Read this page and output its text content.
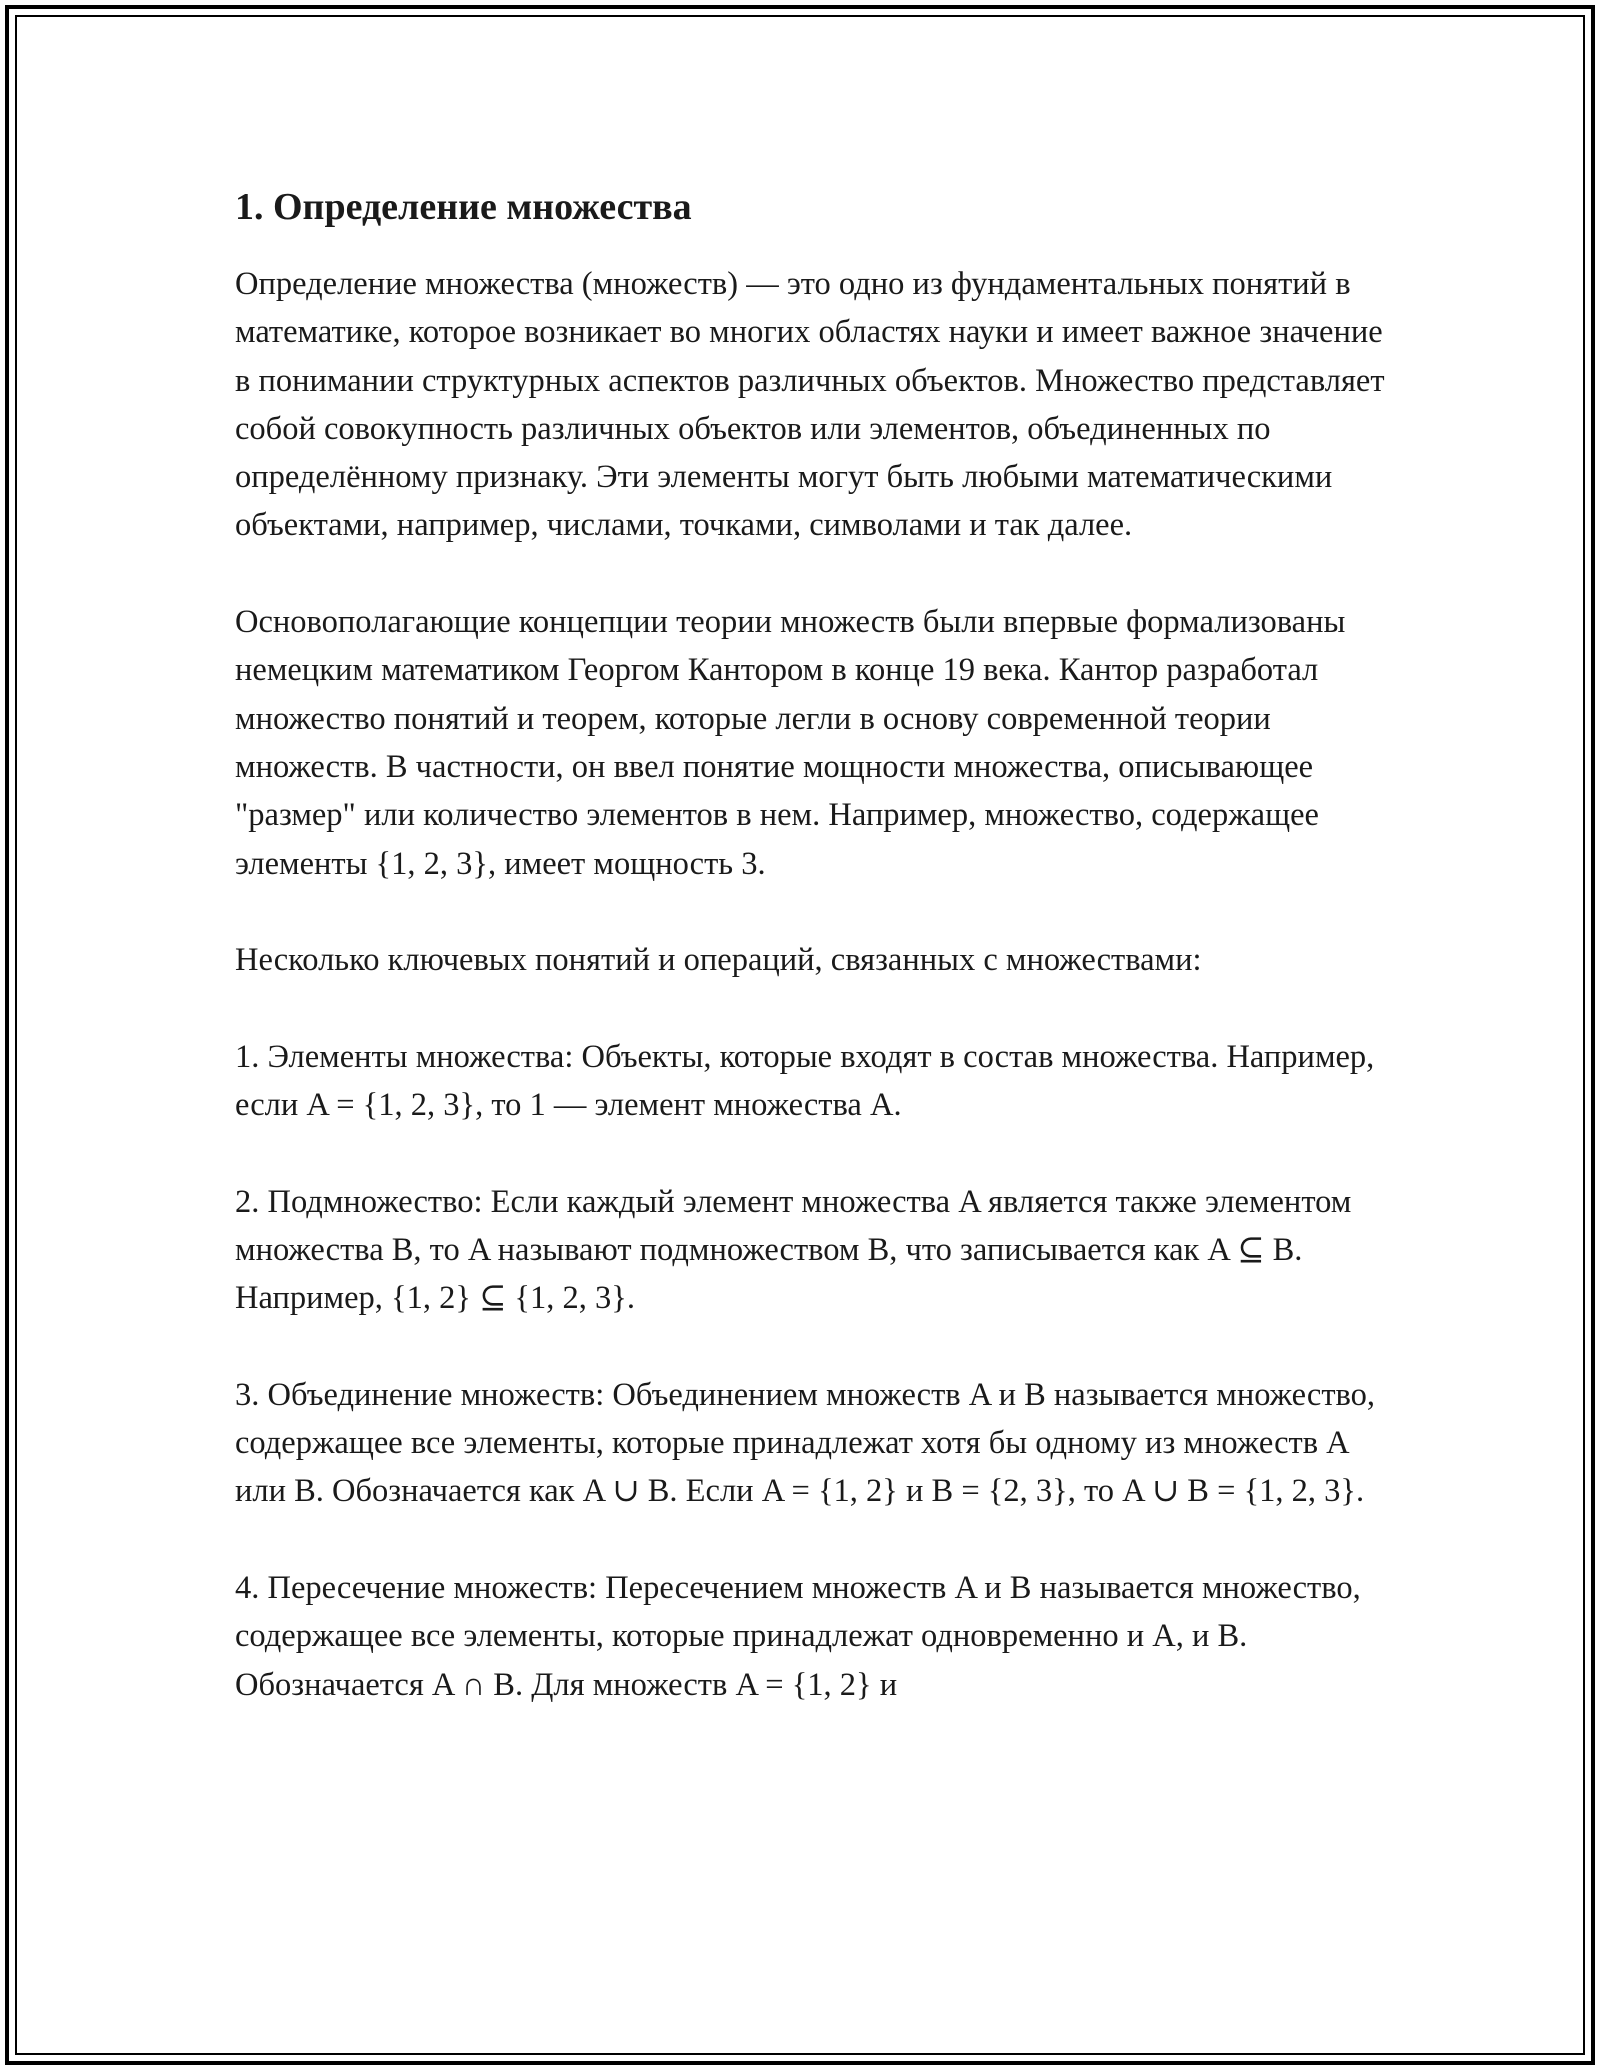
1. Определение множества

Определение множества (множеств) — это одно из фундаментальных понятий в математике, которое возникает во многих областях науки и имеет важное значение в понимании структурных аспектов различных объектов. Множество представляет собой совокупность различных объектов или элементов, объединенных по определённому признаку. Эти элементы могут быть любыми математическими объектами, например, числами, точками, символами и так далее.

Основополагающие концепции теории множеств были впервые формализованы немецким математиком Георгом Кантором в конце 19 века. Кантор разработал множество понятий и теорем, которые легли в основу современной теории множеств. В частности, он ввел понятие мощности множества, описывающее "размер" или количество элементов в нем. Например, множество, содержащее элементы {1, 2, 3}, имеет мощность 3.

Несколько ключевых понятий и операций, связанных с множествами:

1. Элементы множества: Объекты, которые входят в состав множества. Например, если A = {1, 2, 3}, то 1 — элемент множества A.

2. Подмножество: Если каждый элемент множества A является также элементом множества B, то A называют подмножеством B, что записывается как A ⊆ B. Например, {1, 2} ⊆ {1, 2, 3}.

3. Объединение множеств: Объединением множеств A и B называется множество, содержащее все элементы, которые принадлежат хотя бы одному из множеств A или B. Обозначается как A ∪ B. Если A = {1, 2} и B = {2, 3}, то A ∪ B = {1, 2, 3}.

4. Пересечение множеств: Пересечением множеств A и B называется множество, содержащее все элементы, которые принадлежат одновременно и A, и B. Обозначается A ∩ B. Для множеств A = {1, 2} и
